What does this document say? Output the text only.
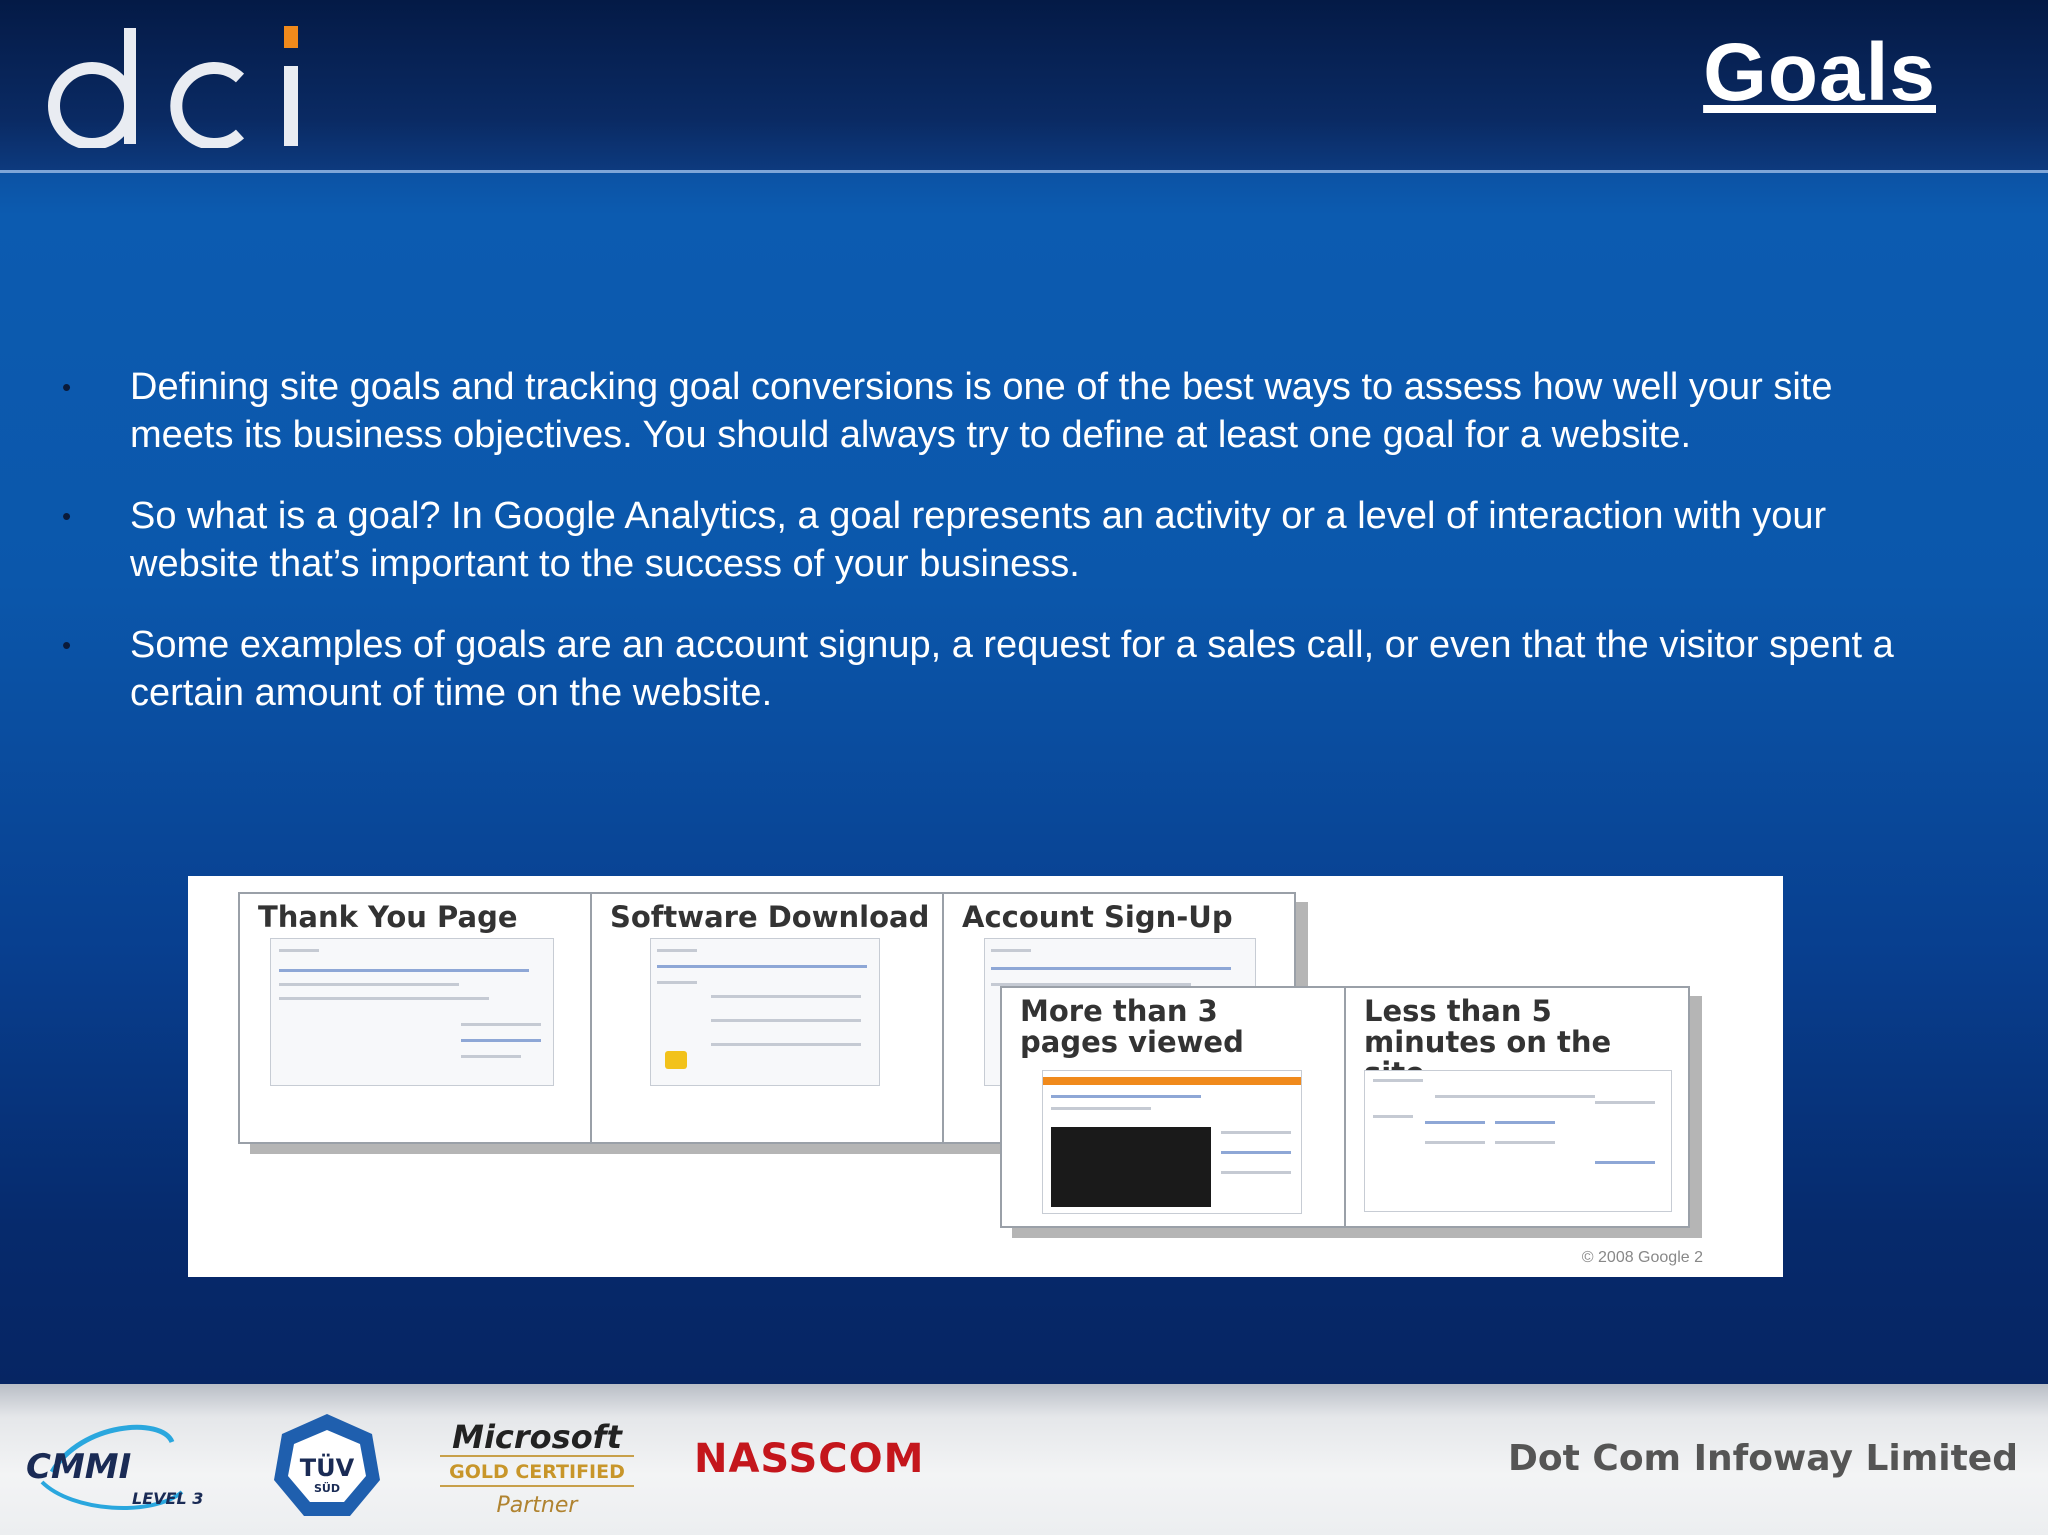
Goals
• Defining site goals and tracking goal conversions is one of the best ways to assess how well your site meets its business objectives. You should always try to define at least one goal for a website.
• So what is a goal? In Google Analytics, a goal represents an activity or a level of interaction with your website that’s important to the success of your business.
• Some examples of goals are an account signup, a request for a sales call, or even that the visitor spent a certain amount of time on the website.
Thank You Page	Software Download Account Sign-Up
More than 3 pages viewed
Less than 5 minutes on the
© 2008 Google 2
CMMI
LEVEL 3
TÜV
SÜD
Microsoft
GOLD CERTIFIED
Partner
NASSCOM	Dot Com Infoway Limited
